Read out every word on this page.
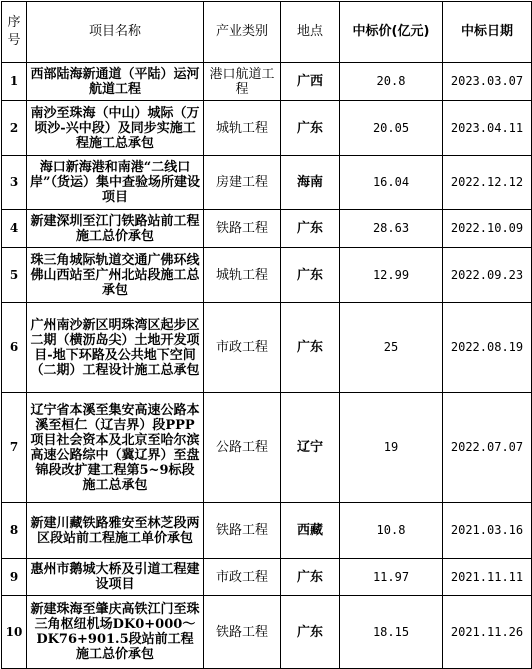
序号	项目名称	产业类别	地点	中标价(亿元)	中标日期
1	西部陆海新通道（平陆）运河航道工程	港口航道工程	广西	20.8	2023.03.07
2	南沙至珠海（中山）城际（万顷沙-兴中段）及同步实施工程施工总承包	城轨工程	广东	20.05	2023.04.11
3	海口新海港和南港“二线口岸”（货运）集中查验场所建设项目	房建工程	海南	16.04	2022.12.12
4	新建深圳至江门铁路站前工程施工总价承包	铁路工程	广东	28.63	2022.10.09
5	珠三角城际轨道交通广佛环线佛山西站至广州北站段施工总承包	城轨工程	广东	12.99	2022.09.23
6	广州南沙新区明珠湾区起步区二期（横沥岛尖）土地开发项目-地下环路及公共地下空间（二期）工程设计施工总承包	市政工程	广东	25	2022.08.19
7	辽宁省本溪至集安高速公路本溪至桓仁（辽吉界）段PPP项目社会资本及北京至哈尔滨高速公路综中（冀辽界）至盘锦段改扩建工程第5~9标段施工总承包	公路工程	辽宁	19	2022.07.07
8	新建川藏铁路雅安至林芝段两区段站前工程施工单价承包	铁路工程	西藏	10.8	2021.03.16
9	惠州市鹅城大桥及引道工程建设项目	市政工程	广东	11.97	2021.11.11
10	新建珠海至肇庆高铁江门至珠三角枢纽机场DK0+000～DK76+901.5段站前工程施工总价承包	铁路工程	广东	18.15	2021.11.26
